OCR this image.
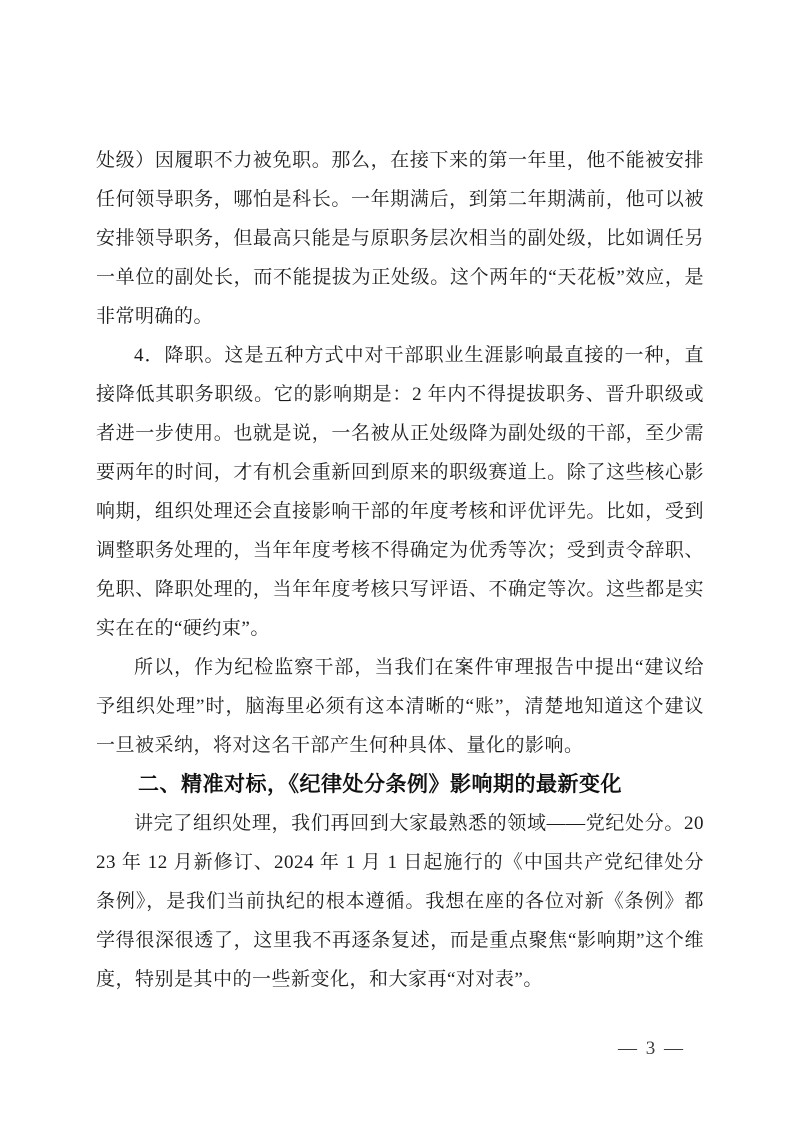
处级）因履职不力被免职。那么，在接下来的第一年里，他不能被安排任何领导职务，哪怕是科长。一年期满后，到第二年期满前，他可以被安排领导职务，但最高只能是与原职务层次相当的副处级，比如调任另一单位的副处长，而不能提拔为正处级。这个两年的“天花板”效应，是非常明确的。

4．降职。这是五种方式中对干部职业生涯影响最直接的一种，直接降低其职务职级。它的影响期是：2 年内不得提拔职务、晋升职级或者进一步使用。也就是说，一名被从正处级降为副处级的干部，至少需要两年的时间，才有机会重新回到原来的职级赛道上。除了这些核心影响期，组织处理还会直接影响干部的年度考核和评优评先。比如，受到调整职务处理的，当年年度考核不得确定为优秀等次；受到责令辞职、免职、降职处理的，当年年度考核只写评语、不确定等次。这些都是实实在在的“硬约束”。

所以，作为纪检监察干部，当我们在案件审理报告中提出“建议给予组织处理”时，脑海里必须有这本清晰的“账”，清楚地知道这个建议一旦被采纳，将对这名干部产生何种具体、量化的影响。

二、精准对标，《纪律处分条例》影响期的最新变化

讲完了组织处理，我们再回到大家最熟悉的领域——党纪处分。2023 年 12 月新修订、2024 年 1 月 1 日起施行的《中国共产党纪律处分条例》，是我们当前执纪的根本遵循。我想在座的各位对新《条例》都学得很深很透了，这里我不再逐条复述，而是重点聚焦“影响期”这个维度，特别是其中的一些新变化，和大家再“对对表”。

— 3 —
